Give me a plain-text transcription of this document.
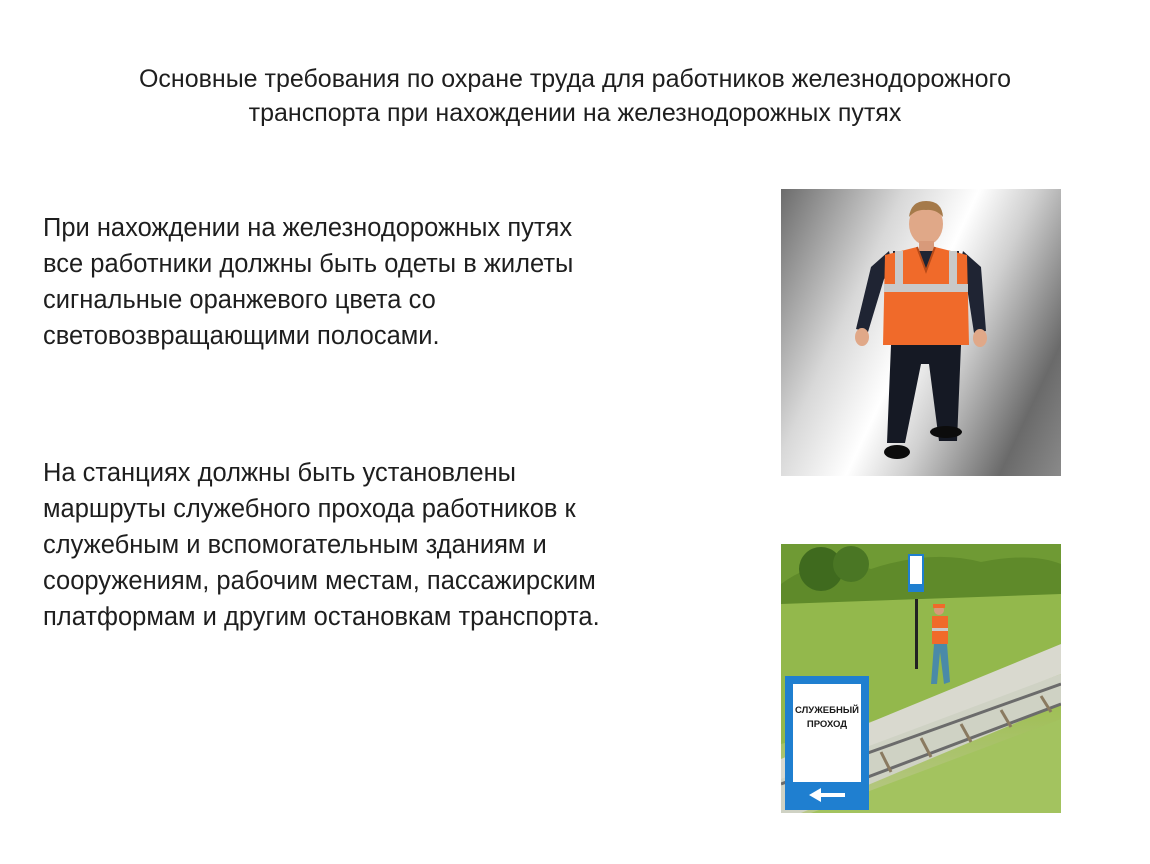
Основные требования по охране труда для работников железнодорожного
транспорта при нахождении на железнодорожных путях
При нахождении на железнодорожных путях
все работники должны быть одеты в жилеты
сигнальные оранжевого цвета со
световозвращающими полосами.
На станциях должны быть установлены
маршруты служебного прохода работников к
служебным и вспомогательным зданиям и
сооружениям, рабочим местам, пассажирским
платформам и другим остановкам транспорта.
СЛУЖЕБНЫЙ
ПРОХОД
